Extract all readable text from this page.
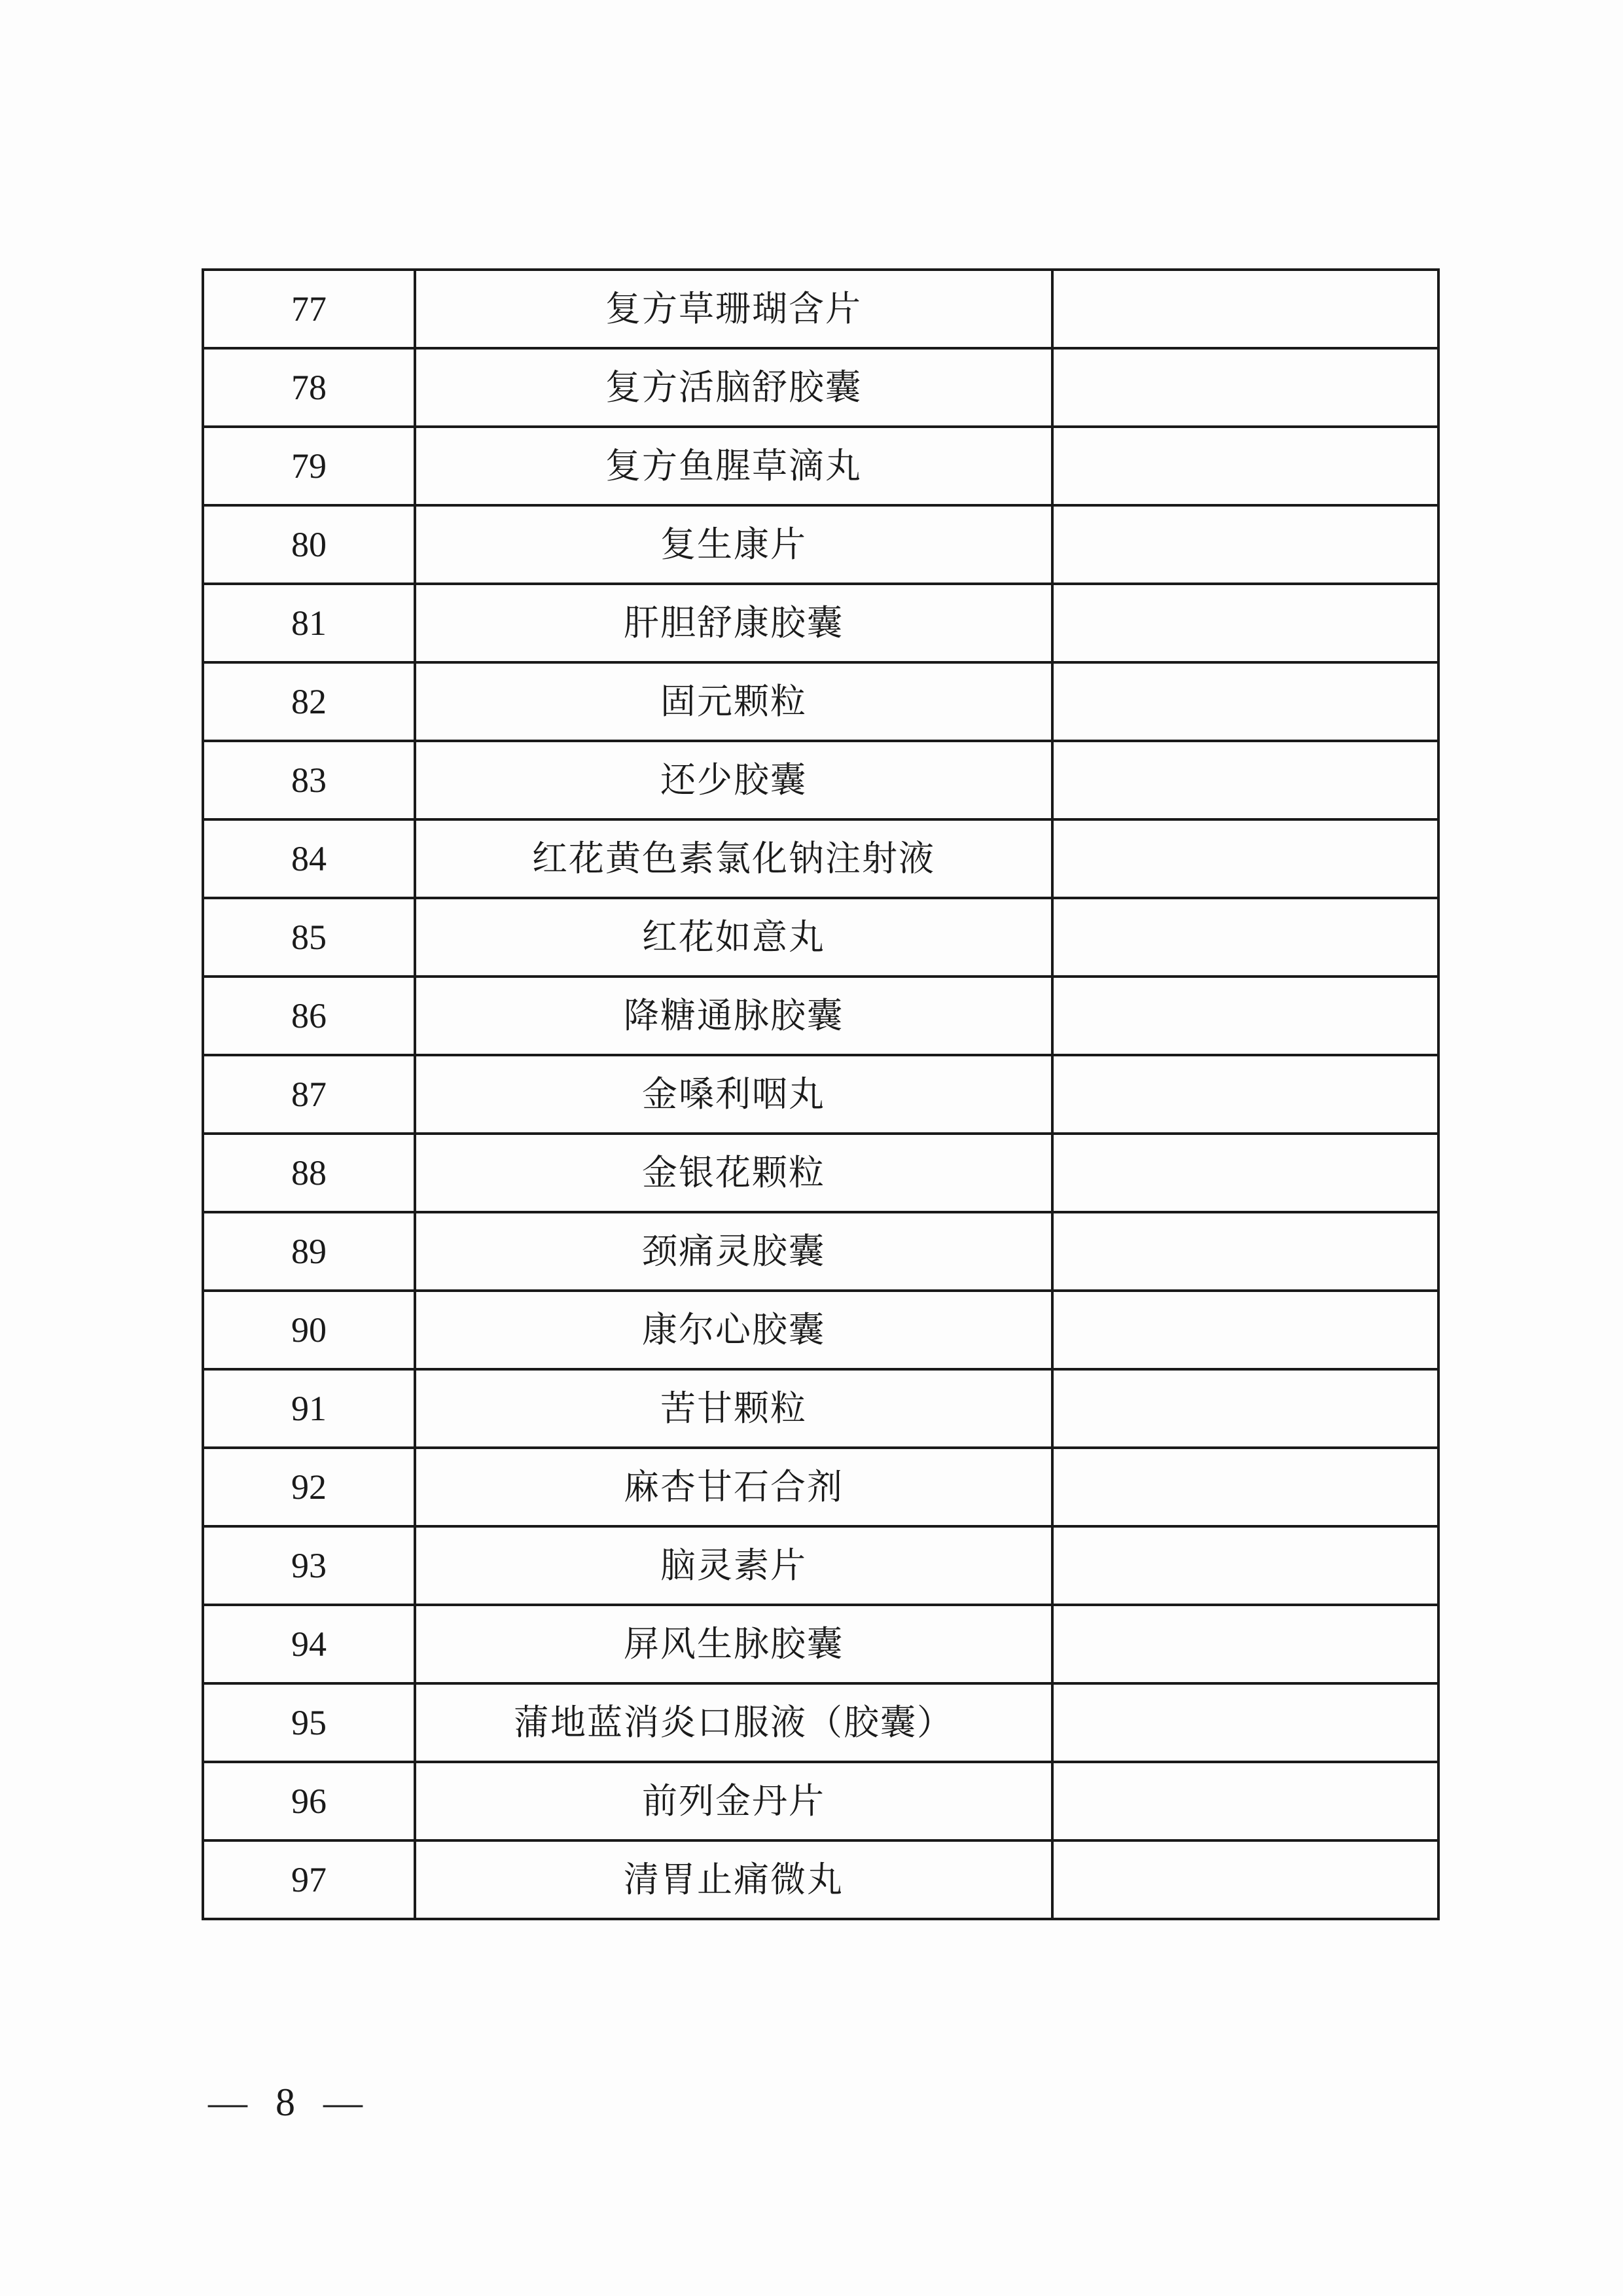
77	复方草珊瑚含片	
78	复方活脑舒胶囊	
79	复方鱼腥草滴丸	
80	复生康片	
81	肝胆舒康胶囊	
82	固元颗粒	
83	还少胶囊	
84	红花黄色素氯化钠注射液	
85	红花如意丸	
86	降糖通脉胶囊	
87	金嗓利咽丸	
88	金银花颗粒	
89	颈痛灵胶囊	
90	康尔心胶囊	
91	苦甘颗粒	
92	麻杏甘石合剂	
93	脑灵素片	
94	屏风生脉胶囊	
95	蒲地蓝消炎口服液（胶囊）	
96	前列金丹片	
97	清胃止痛微丸	
— 8 —
